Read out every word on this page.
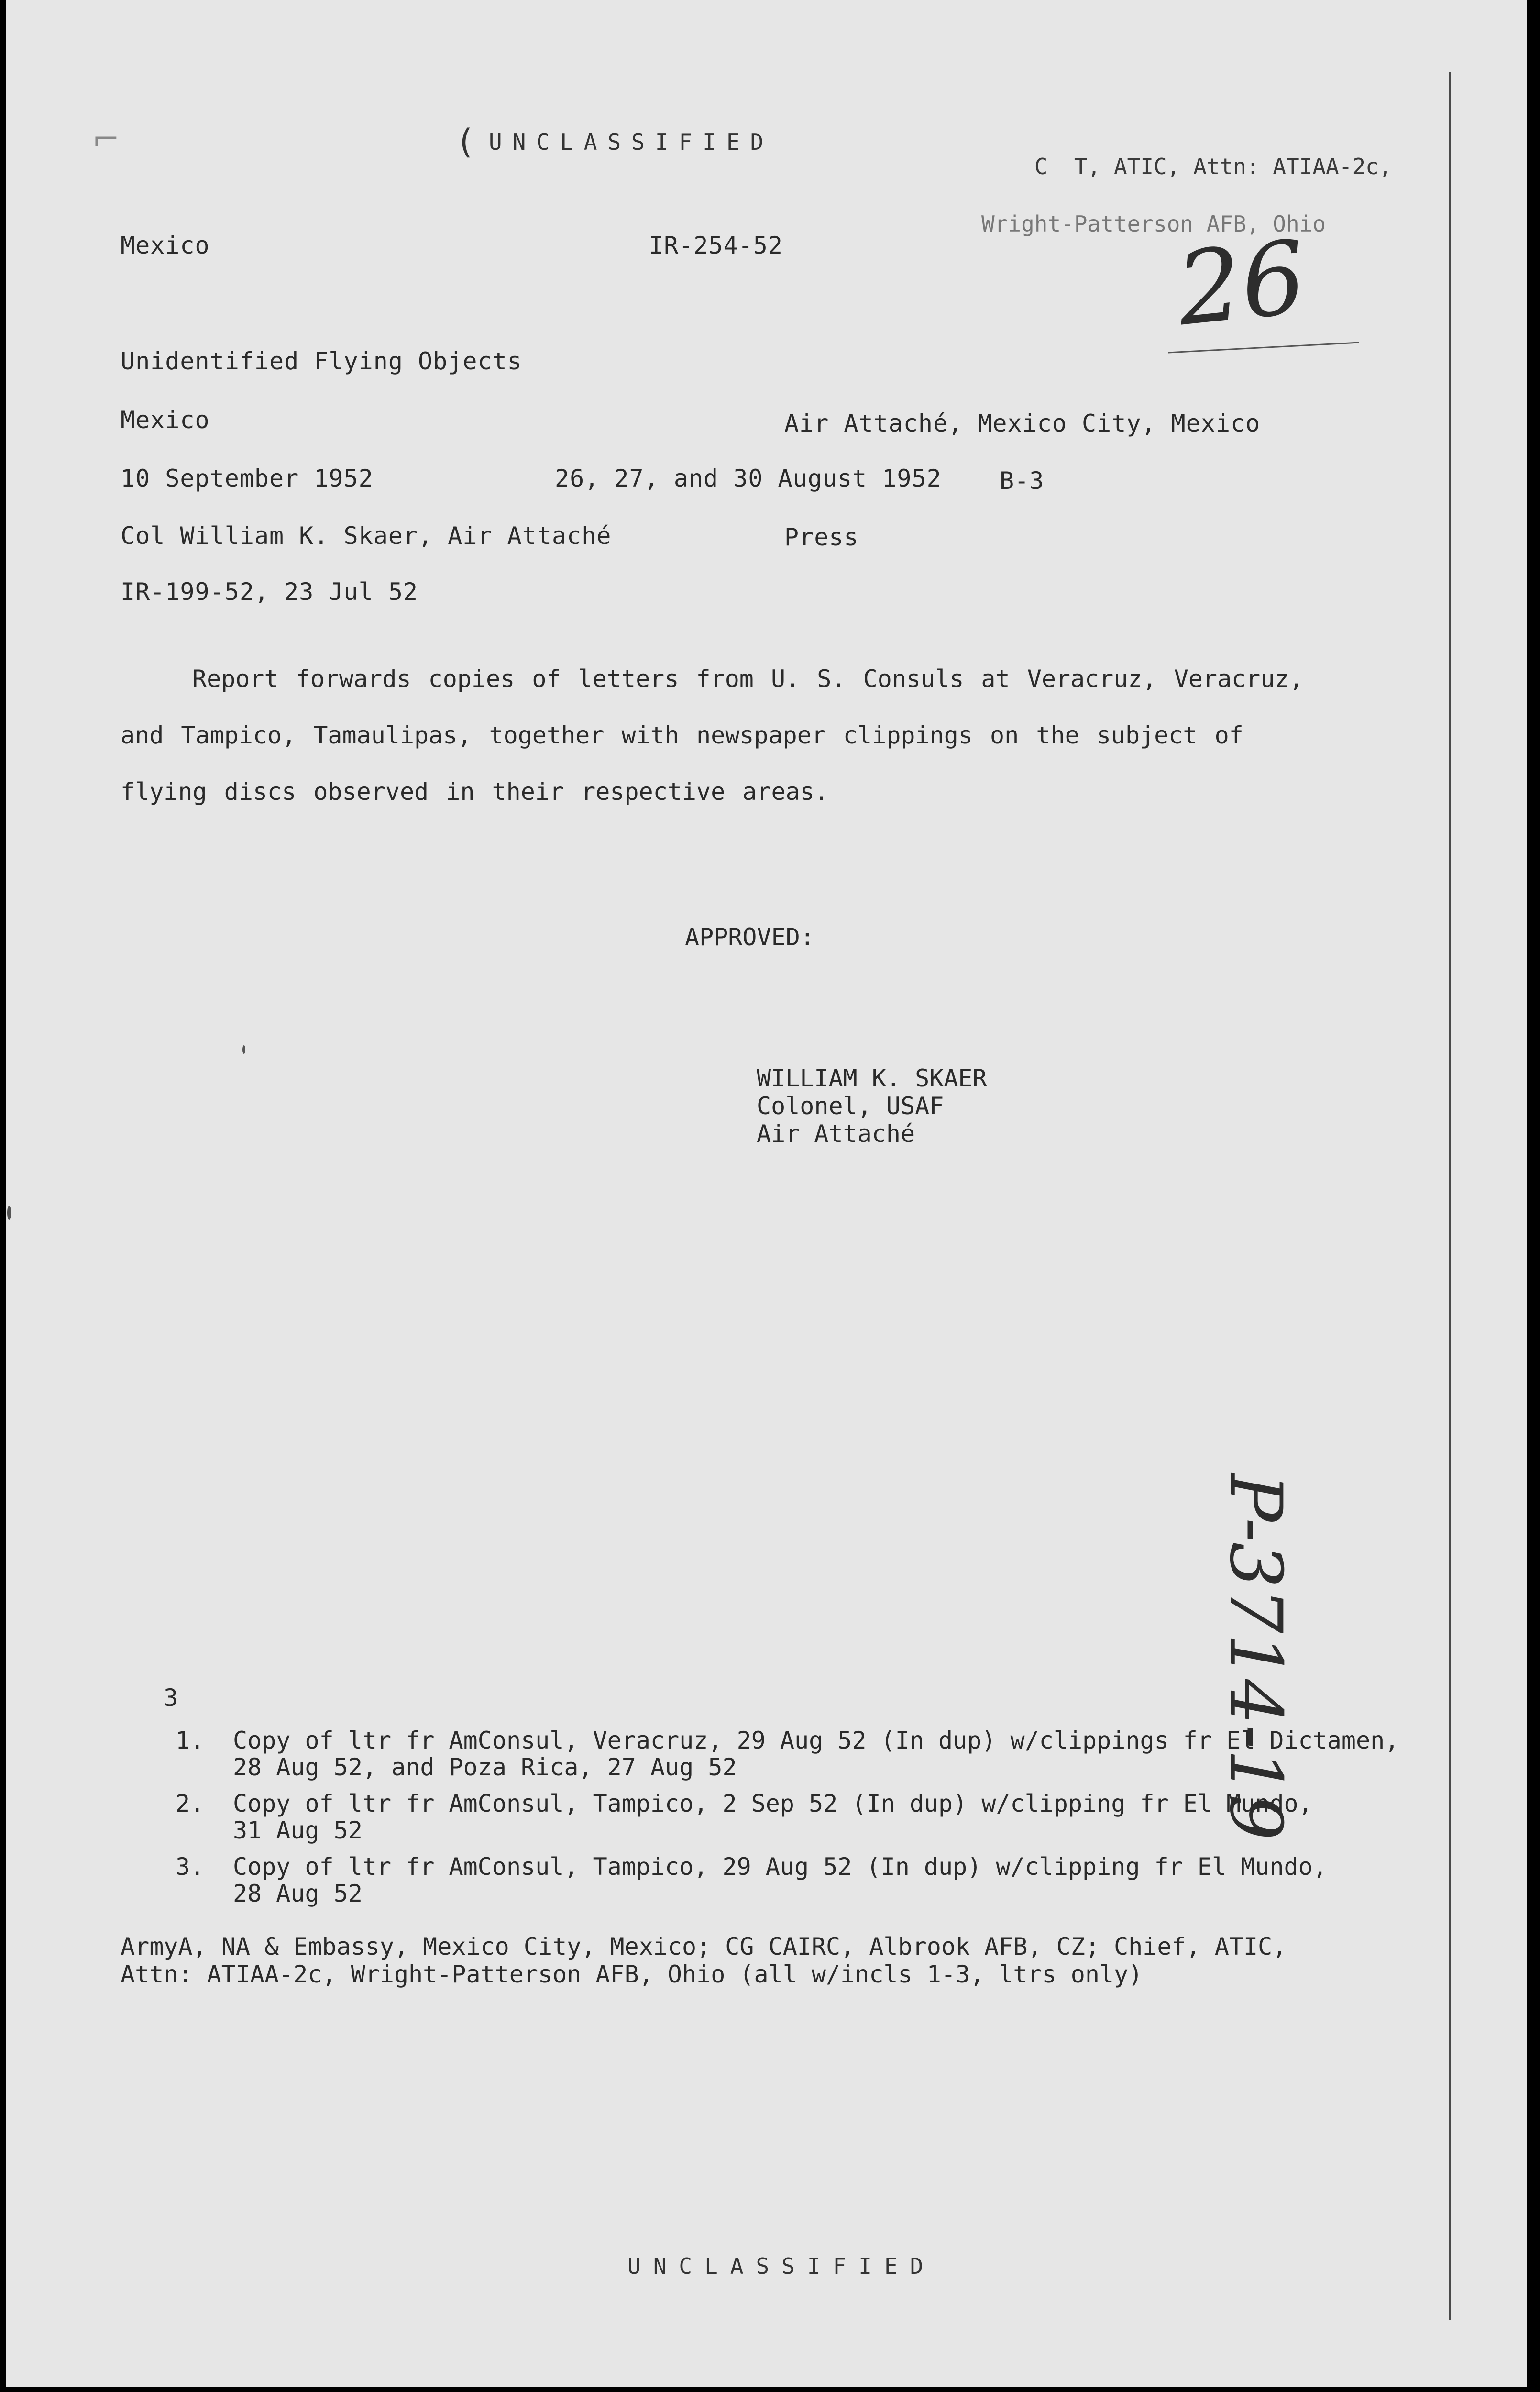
⌐	( UNCLASSIFIED

C  T, ATIC, Attn: ATIAA-2c,

Wright-Patterson AFB, Ohio

26
Mexico	IR-254-52
Unidentified Flying Objects
Mexico	Air Attaché, Mexico City, Mexico
10 September 1952	26, 27, and 30 August 1952 B-3
Col William K. Skaer, Air Attaché	Press
IR-199-52, 23 Jul 52
Report forwards copies of letters from U. S. Consuls at Veracruz, Veracruz, and Tampico, Tamaulipas, together with newspaper clippings on the subject of flying discs observed in their respective areas.
APPROVED:
WILLIAM K. SKAER
Colonel, USAF
Air Attaché
P-3714-19
3
1. Copy of ltr fr AmConsul, Veracruz, 29 Aug 52 (In dup) w/clippings fr El Dictamen,
28 Aug 52, and Poza Rica, 27 Aug 52
2. Copy of ltr fr AmConsul, Tampico, 2 Sep 52 (In dup) w/clipping fr El Mundo,
31 Aug 52
3. Copy of ltr fr AmConsul, Tampico, 29 Aug 52 (In dup) w/clipping fr El Mundo,
28 Aug 52
ArmyA, NA & Embassy, Mexico City, Mexico; CG CAIRC, Albrook AFB, CZ; Chief, ATIC,
Attn: ATIAA-2c, Wright-Patterson AFB, Ohio (all w/incls 1-3, ltrs only)
UNCLASSIFIED
